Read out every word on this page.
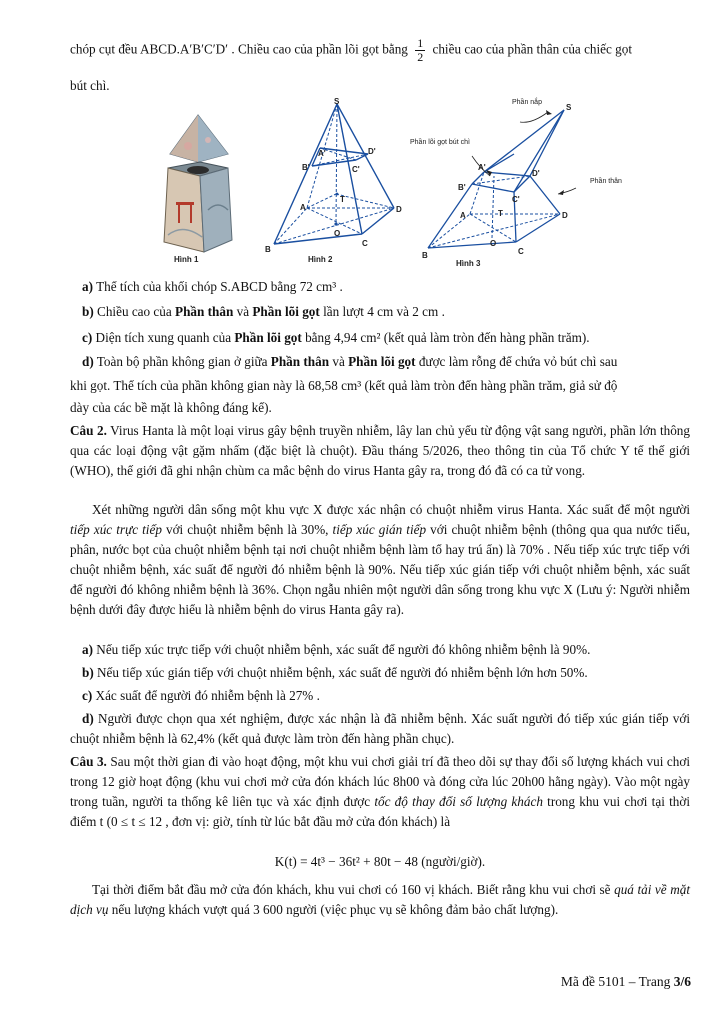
chóp cụt đều ABCD.A′B′C′D′ . Chiều cao của phần lõi gọt bằng $\frac{1}{2}$ chiều cao của phần thân của chiếc gọt
bút chì.
Hình 1
S
B
C
D
A
A'
B'	C'
D'
O
T
Hình 2
S
B	C
D
A
A'
B'
C'
D'
O
T
Phần nắp
Phần lõi gọt bút chì
Phần thân
Hình 3
a) Thể tích của khối chóp S.ABCD bằng 72 cm³ .
b) Chiều cao của Phần thân và Phần lõi gọt lần lượt 4 cm và 2 cm .
c) Diện tích xung quanh của Phần lõi gọt bằng 4,94 cm² (kết quả làm tròn đến hàng phần trăm).
d) Toàn bộ phần không gian ở giữa Phần thân và Phần lõi gọt được làm rỗng để chứa vỏ bút chì sau
khi gọt. Thể tích của phần không gian này là 68,58 cm³ (kết quả làm tròn đến hàng phần trăm, giả sử độ
dày của các bề mặt là không đáng kể).
Câu 2. Virus Hanta là một loại virus gây bệnh truyền nhiễm, lây lan chủ yếu từ động vật sang người, phần lớn thông qua các loại động vật gặm nhấm (đặc biệt là chuột). Đầu tháng 5/2026, theo thông tin của Tổ chức Y tế thế giới (WHO), thế giới đã ghi nhận chùm ca mắc bệnh do virus Hanta gây ra, trong đó đã có ca tử vong.
Xét những người dân sống một khu vực X được xác nhận có chuột nhiễm virus Hanta. Xác suất để một người tiếp xúc trực tiếp với chuột nhiễm bệnh là 30%, tiếp xúc gián tiếp với chuột nhiễm bệnh (thông qua qua nước tiểu, phân, nước bọt của chuột nhiễm bệnh tại nơi chuột nhiễm bệnh làm tổ hay trú ẩn) là 70% . Nếu tiếp xúc trực tiếp với chuột nhiễm bệnh, xác suất để người đó nhiễm bệnh là 90%. Nếu tiếp xúc gián tiếp với chuột nhiễm bệnh, xác suất để người đó không nhiễm bệnh là 36%. Chọn ngẫu nhiên một người dân sống trong khu vực X (Lưu ý: Người nhiễm bệnh dưới đây được hiểu là nhiễm bệnh do virus Hanta gây ra).
a) Nếu tiếp xúc trực tiếp với chuột nhiễm bệnh, xác suất để người đó không nhiễm bệnh là 90%.
b) Nếu tiếp xúc gián tiếp với chuột nhiễm bệnh, xác suất để người đó nhiễm bệnh lớn hơn 50%.
c) Xác suất để người đó nhiễm bệnh là 27% .
d) Người được chọn qua xét nghiệm, được xác nhận là đã nhiễm bệnh. Xác suất người đó tiếp xúc gián tiếp với chuột nhiễm bệnh là 62,4% (kết quả được làm tròn đến hàng phần chục).
Câu 3. Sau một thời gian đi vào hoạt động, một khu vui chơi giải trí đã theo dõi sự thay đổi số lượng khách vui chơi trong 12 giờ hoạt động (khu vui chơi mở cửa đón khách lúc 8h00 và đóng cửa lúc 20h00 hằng ngày). Vào một ngày trong tuần, người ta thống kê liên tục và xác định được tốc độ thay đổi số lượng khách trong khu vui chơi tại thời điểm t (0 ≤ t ≤ 12 , đơn vị: giờ, tính từ lúc bắt đầu mở cửa đón khách) là
K(t) = 4t³ − 36t² + 80t − 48 (người/giờ).
Tại thời điểm bắt đầu mở cửa đón khách, khu vui chơi có 160 vị khách. Biết rằng khu vui chơi sẽ quá tải về mặt dịch vụ nếu lượng khách vượt quá 3 600 người (việc phục vụ sẽ không đảm bảo chất lượng).
Mã đề 5101 – Trang 3/6
